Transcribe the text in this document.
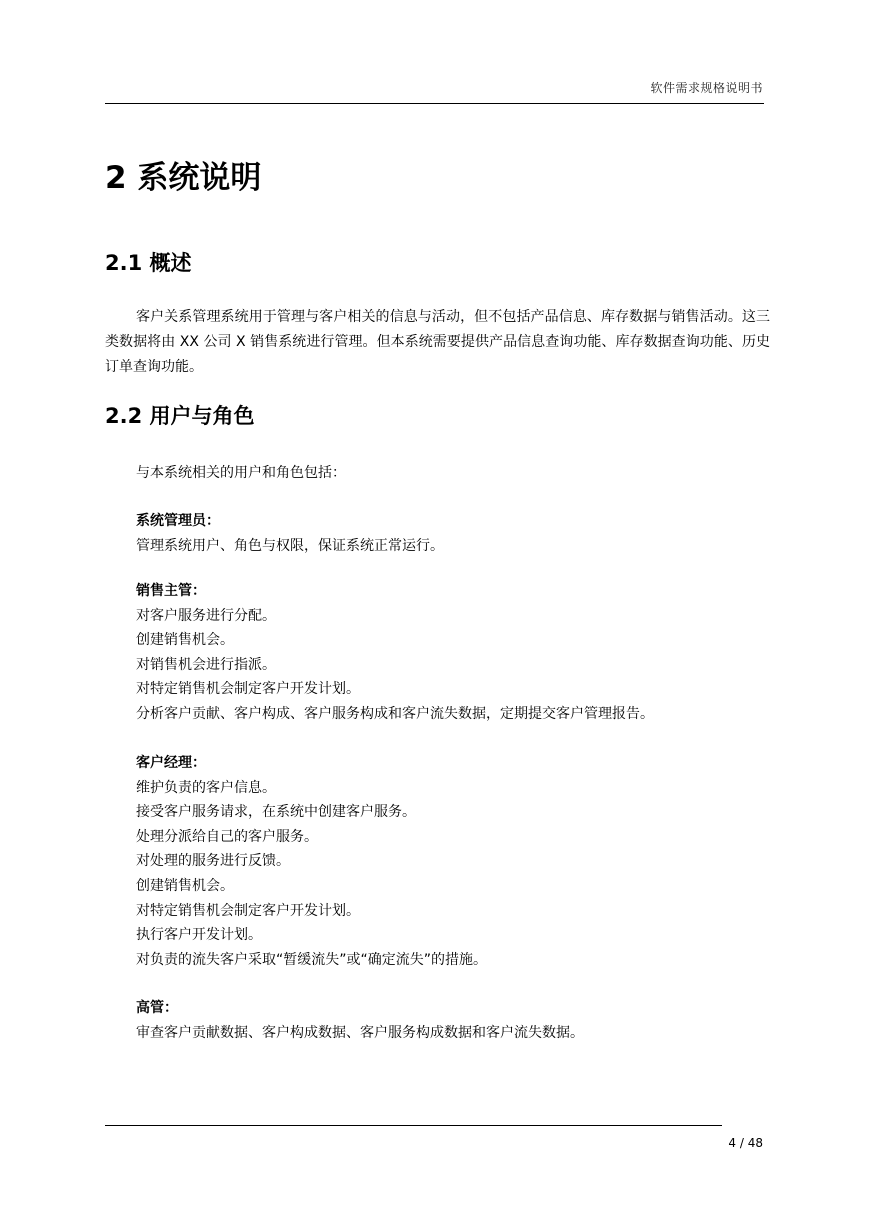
软件需求规格说明书
2 系统说明
2.1 概述

客户关系管理系统用于管理与客户相关的信息与活动，但不包括产品信息、库存数据与销售活动。这三类数据将由 XX 公司 X 销售系统进行管理。但本系统需要提供产品信息查询功能、库存数据查询功能、历史订单查询功能。

2.2 用户与角色

与本系统相关的用户和角色包括：

系统管理员：

管理系统用户、角色与权限，保证系统正常运行。

销售主管：

对客户服务进行分配。

创建销售机会。

对销售机会进行指派。

对特定销售机会制定客户开发计划。

分析客户贡献、客户构成、客户服务构成和客户流失数据，定期提交客户管理报告。

客户经理：

维护负责的客户信息。

接受客户服务请求，在系统中创建客户服务。

处理分派给自己的客户服务。

对处理的服务进行反馈。

创建销售机会。

对特定销售机会制定客户开发计划。

执行客户开发计划。

对负责的流失客户采取“暂缓流失”或“确定流失”的措施。

高管：

审查客户贡献数据、客户构成数据、客户服务构成数据和客户流失数据。

4 / 48
